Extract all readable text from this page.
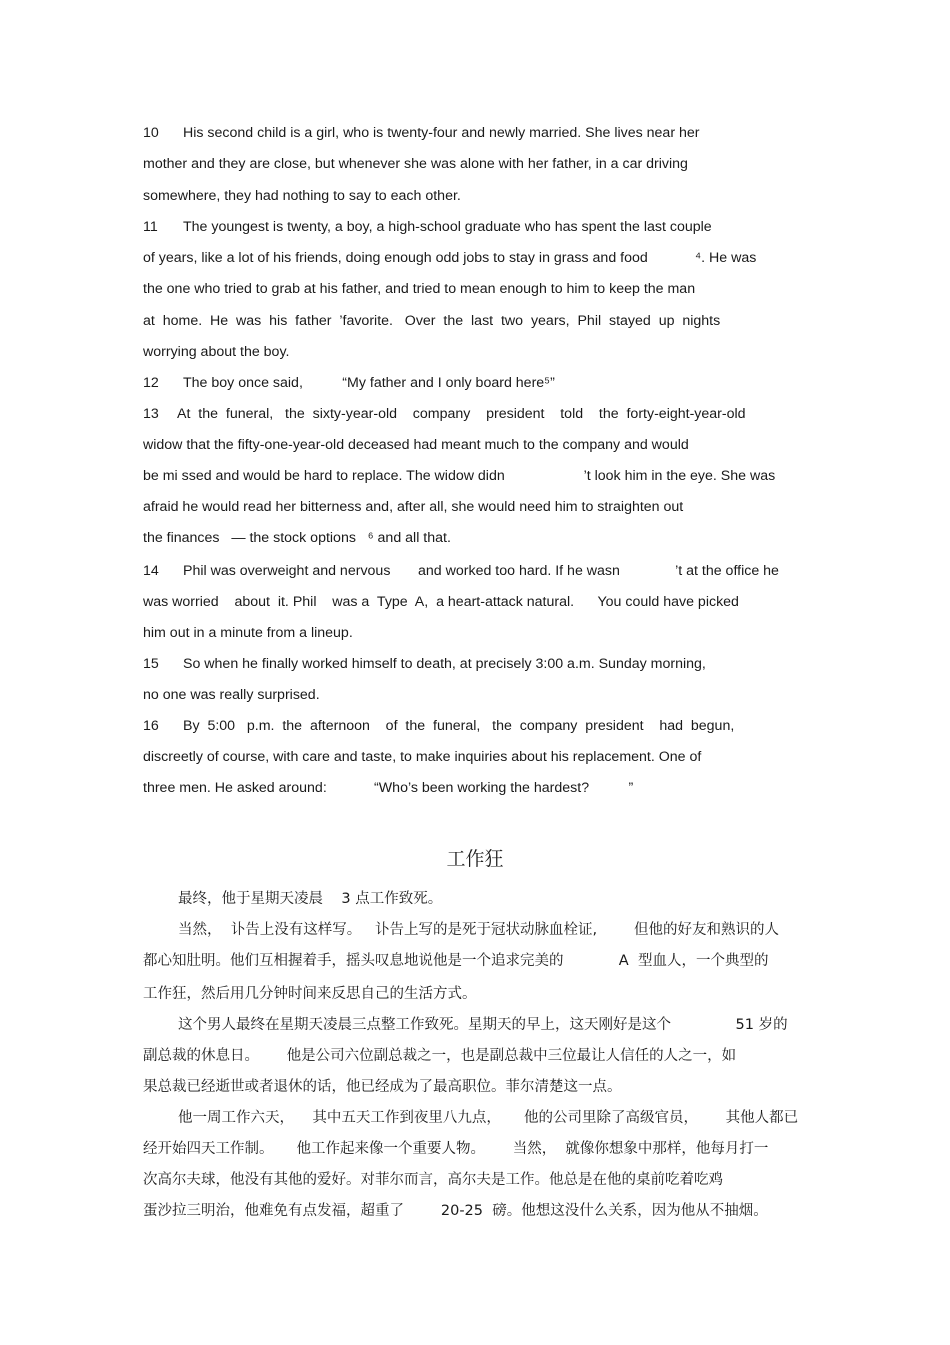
10 His second child is a girl, who is twenty-four and newly married. She lives near her

mother and they are close, but whenever she was alone with her father, in a car driving

somewhere, they had nothing to say to each other.

11 The youngest is twenty, a boy, a high-school graduate who has spent the last couple

of years, like a lot of his friends, doing enough odd jobs to stay in grass and food            ⁴. He was

the one who tried to grab at his father, and tried to mean enough to him to keep the man

at  home.  He  was  his  father  ’favorite.   Over  the  last  two  years,  Phil  stayed  up  nights

worrying about the boy.

12 The boy once said,          “My father and I only board here⁵”

13 At  the  funeral,   the  sixty-year-old    company    president    told    the  forty-eight-year-old

widow that the fifty-one-year-old deceased had meant much to the company and would

be mi ssed and would be hard to replace. The widow didn                    ’t look him in the eye. She was

afraid he would read her bitterness and, after all, she would need him to straighten out

the finances   — the stock options   ⁶ and all that.

14 Phil was overweight and nervous       and worked too hard. If he wasn              ’t at the office he

was worried    about  it. Phil    was a  Type  A,  a heart-attack natural.      You could have picked

him out in a minute from a lineup.

15 So when he finally worked himself to death, at precisely 3:00 a.m. Sunday morning,

no one was really surprised.

16 By  5:00   p.m.  the  afternoon    of  the  funeral,   the  company  president    had  begun,

discreetly of course, with care and taste, to make inquiries about his replacement. One of

three men. He asked around:            “Who’s been working the hardest?          ”

工作狂

最终，他于星期天凌晨    3 点工作致死。

当然，  讣告上没有这样写。   讣告上写的是死于冠状动脉血栓证,        但他的好友和熟识的人

都心知肚明。他们互相握着手，摇头叹息地说他是一个追求完美的            A  型血人，一个典型的

工作狂，然后用几分钟时间来反思自己的生活方式。

这个男人最终在星期天凌晨三点整工作致死。星期天的早上，这天刚好是这个              51 岁的

副总裁的休息日。      他是公司六位副总裁之一，也是副总裁中三位最让人信任的人之一，如

果总裁已经逝世或者退休的话，他已经成为了最高职位。菲尔清楚这一点。

他一周工作六天，    其中五天工作到夜里八九点，     他的公司里除了高级官员，      其他人都已

经开始四天工作制。     他工作起来像一个重要人物。      当然，  就像你想象中那样，他每月打一

次高尔夫球，他没有其他的爱好。对菲尔而言，高尔夫是工作。他总是在他的桌前吃着吃鸡

蛋沙拉三明治，他难免有点发福，超重了        20-25  磅。他想这没什么关系，因为他从不抽烟。
